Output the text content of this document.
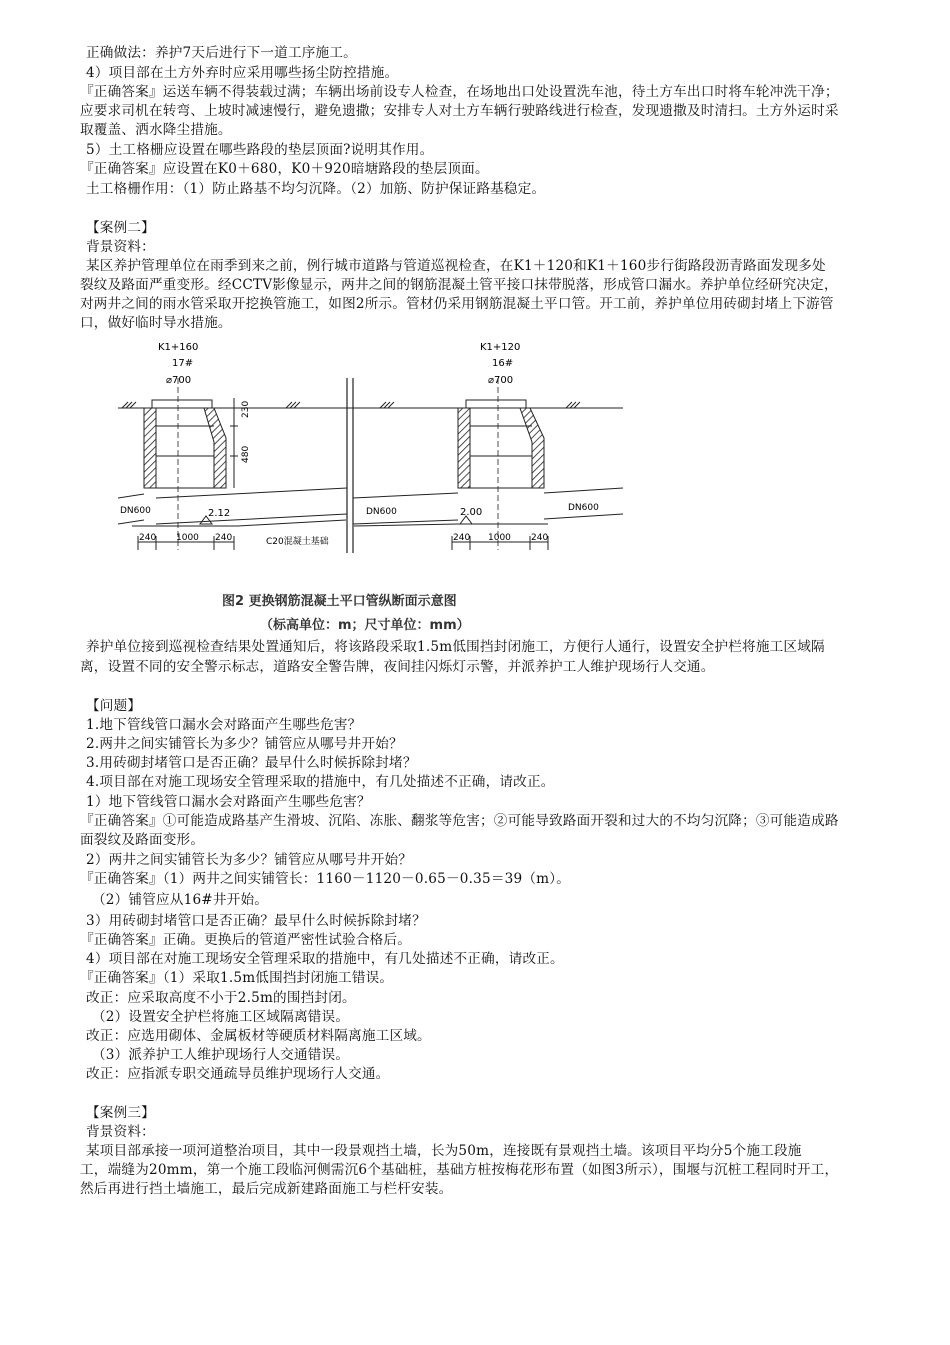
正确做法：养护7天后进行下一道工序施工。
4）项目部在土方外弃时应采用哪些扬尘防控措施。
『正确答案』运送车辆不得装载过满；车辆出场前设专人检查，在场地出口处设置洗车池，待土方车出口时将车轮冲洗干净；
应要求司机在转弯、上坡时减速慢行，避免遗撒；安排专人对土方车辆行驶路线进行检查，发现遗撒及时清扫。土方外运时采
取覆盖、洒水降尘措施。
5）土工格栅应设置在哪些路段的垫层顶面?说明其作用。
『正确答案』应设置在K0＋680，K0＋920暗塘路段的垫层顶面。
土工格栅作用：（1）防止路基不均匀沉降。（2）加筋、防护保证路基稳定。
【案例二】
背景资料：
某区养护管理单位在雨季到来之前，例行城市道路与管道巡视检查，在K1＋120和K1＋160步行街路段沥青路面发现多处
裂纹及路面严重变形。经CCTV影像显示，两井之间的钢筋混凝土管平接口抹带脱落，形成管口漏水。养护单位经研究决定，
对两井之间的雨水管采取开挖换管施工，如图2所示。管材仍采用钢筋混凝土平口管。开工前，养护单位用砖砌封堵上下游管
口，做好临时导水措施。
K1+160
17#
⌀700
K1+120
16#
⌀700
480
230
DN600	DN600	DN600
2.12	2.00
240 1000 240	240 1000 240
C20混凝土基础
图2 更换钢筋混凝土平口管纵断面示意图
（标高单位：m；尺寸单位：mm）
养护单位接到巡视检查结果处置通知后，将该路段采取1.5m低围挡封闭施工，方便行人通行，设置安全护栏将施工区域隔
离，设置不同的安全警示标志，道路安全警告牌，夜间挂闪烁灯示警，并派养护工人维护现场行人交通。
【问题】
1.地下管线管口漏水会对路面产生哪些危害？
2.两井之间实铺管长为多少？铺管应从哪号井开始？
3.用砖砌封堵管口是否正确？最早什么时候拆除封堵？
4.项目部在对施工现场安全管理采取的措施中，有几处描述不正确，请改正。
1）地下管线管口漏水会对路面产生哪些危害？
『正确答案』①可能造成路基产生滑坡、沉陷、冻胀、翻浆等危害；②可能导致路面开裂和过大的不均匀沉降；③可能造成路
面裂纹及路面变形。
2）两井之间实铺管长为多少？铺管应从哪号井开始？
『正确答案』（1）两井之间实铺管长：1160－1120－0.65－0.35＝39（m）。
（2）铺管应从16#井开始。
3）用砖砌封堵管口是否正确？最早什么时候拆除封堵？
『正确答案』正确。更换后的管道严密性试验合格后。
4）项目部在对施工现场安全管理采取的措施中，有几处描述不正确，请改正。
『正确答案』（1）采取1.5m低围挡封闭施工错误。
改正：应采取高度不小于2.5m的围挡封闭。
（2）设置安全护栏将施工区域隔离错误。
改正：应选用砌体、金属板材等硬质材料隔离施工区域。
（3）派养护工人维护现场行人交通错误。
改正：应指派专职交通疏导员维护现场行人交通。
【案例三】
背景资料：
某项目部承接一项河道整治项目，其中一段景观挡土墙，长为50m，连接既有景观挡土墙。该项目平均分5个施工段施
工，端缝为20mm，第一个施工段临河侧需沉6个基础桩，基础方桩按梅花形布置（如图3所示），围堰与沉桩工程同时开工，
然后再进行挡土墙施工，最后完成新建路面施工与栏杆安装。
